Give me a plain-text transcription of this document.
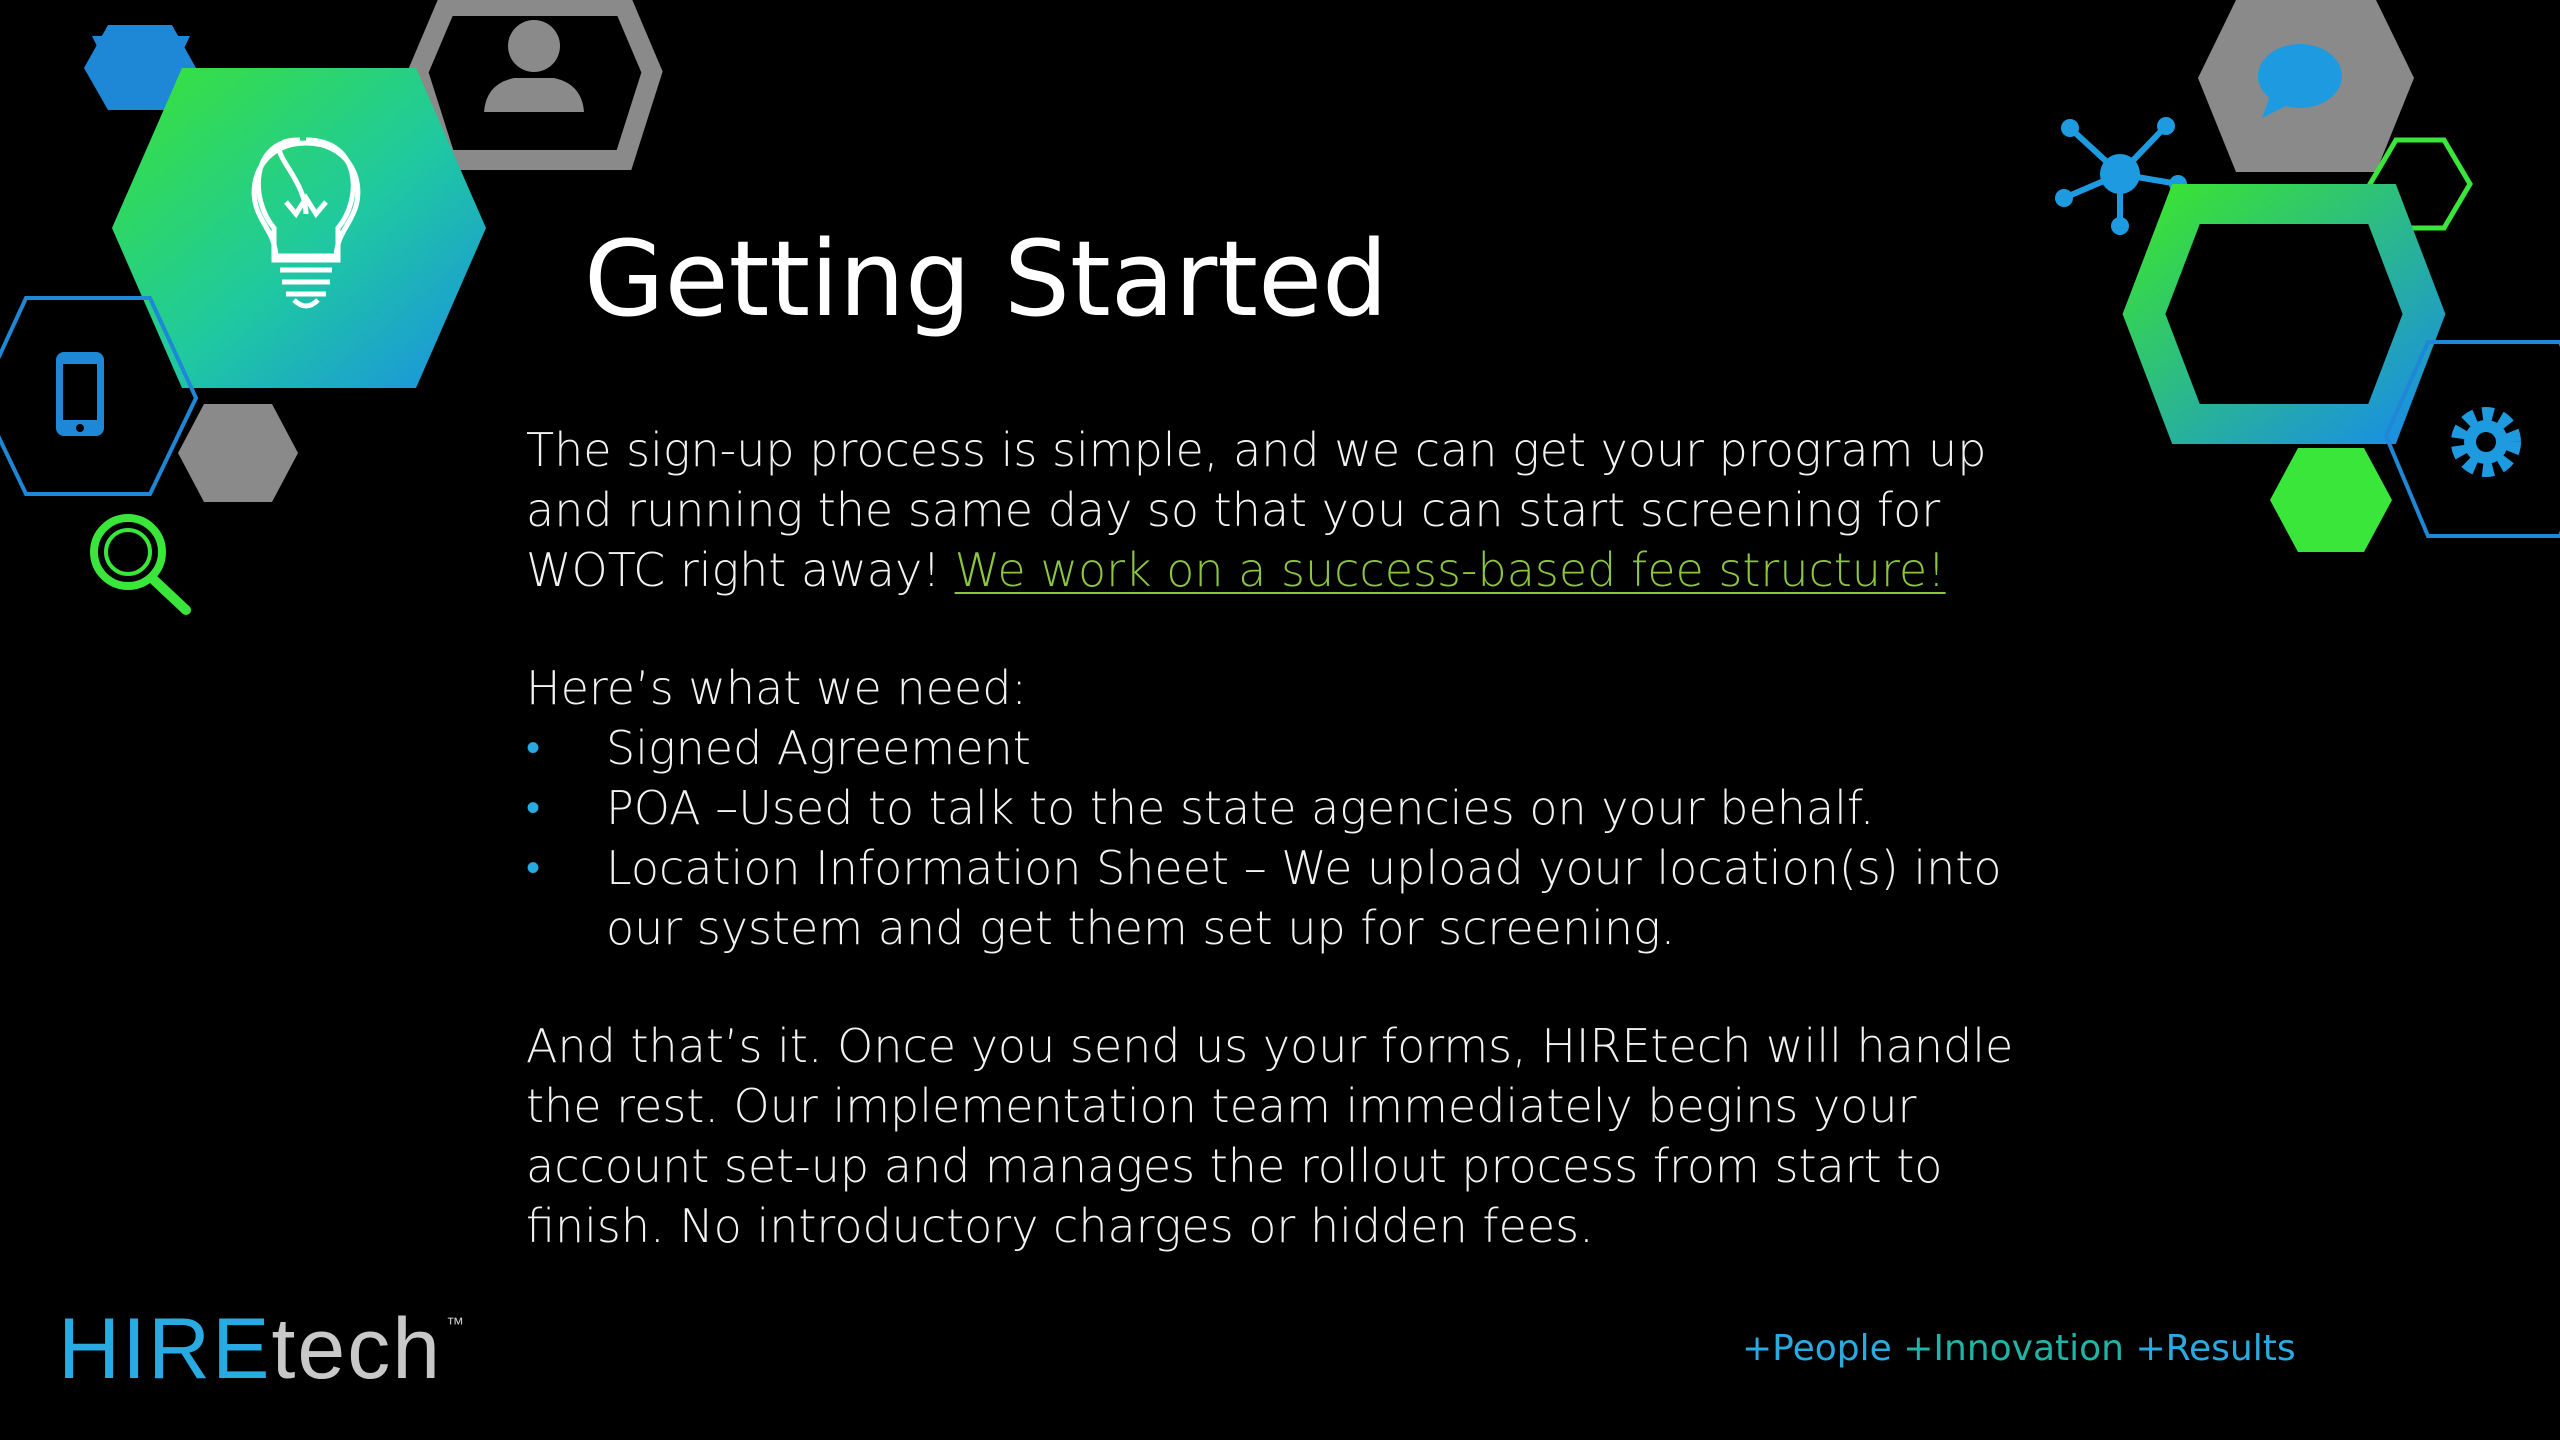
Getting Started

The sign-up process is simple, and we can get your program up and running the same day so that you can start screening for WOTC right away! We work on a success-based fee structure!

Here’s what we need:

• Signed Agreement
• POA –Used to talk to the state agencies on your behalf.
• Location Information Sheet – We upload your location(s) into our system and get them set up for screening.

And that’s it. Once you send us your forms, HIREtech will handle the rest. Our implementation team immediately begins your account set-up and manages the rollout process from start to finish. No introductory charges or hidden fees.

HIREtech ™
+People +Innovation +Results
